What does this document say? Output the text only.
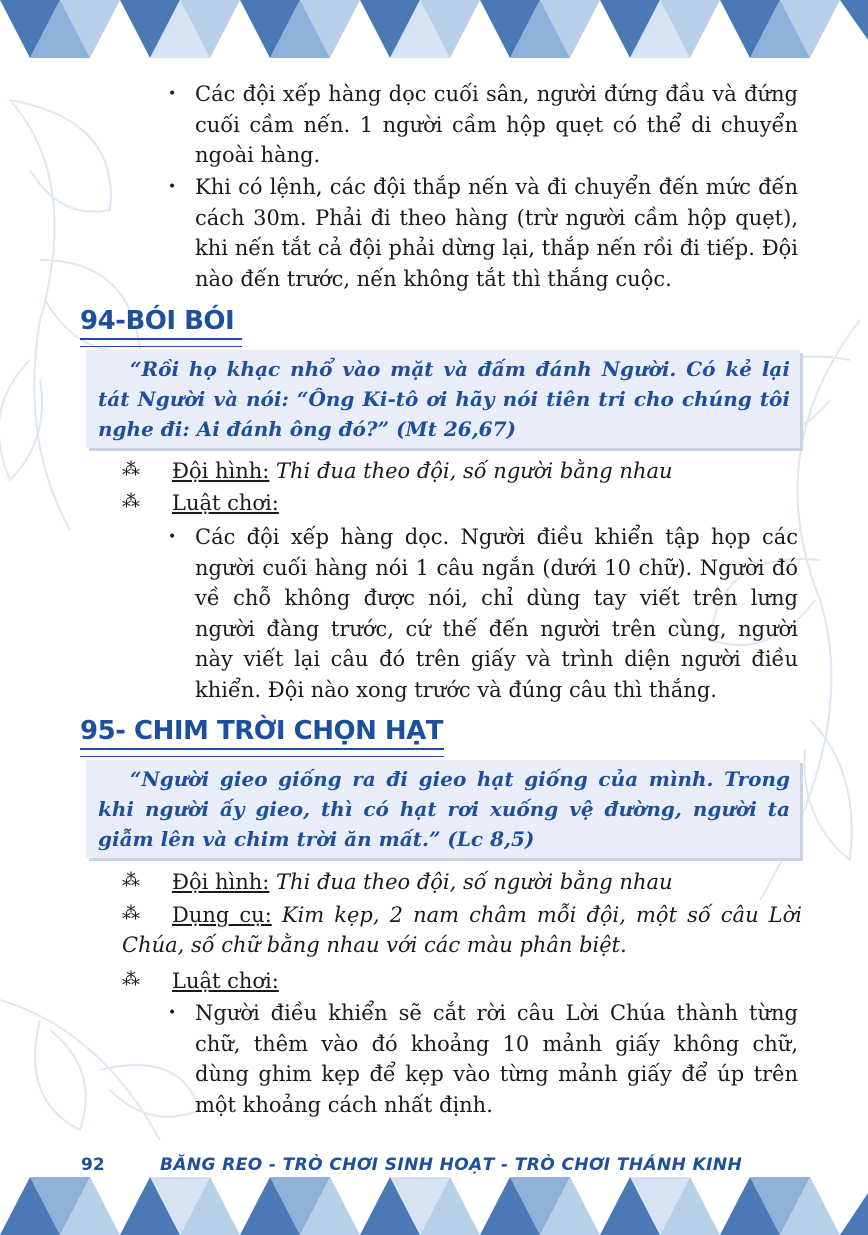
• Các đội xếp hàng dọc cuối sân, người đứng đầu và đứng cuối cầm nến. 1 người cầm hộp quẹt có thể di chuyển ngoài hàng.
• Khi có lệnh, các đội thắp nến và đi chuyển đến mức đến cách 30m. Phải đi theo hàng (trừ người cầm hộp quẹt), khi nến tắt cả đội phải dừng lại, thắp nến rồi đi tiếp. Đội nào đến trước, nến không tắt thì thắng cuộc.
94-BÓI BÓI
“Rồi họ khạc nhổ vào mặt và đấm đánh Người. Có kẻ lại tát Người và nói: “Ông Ki-tô ơi hãy nói tiên tri cho chúng tôi nghe đi: Ai đánh ông đó?” (Mt 26,67)
⁂	Đội hình: Thi đua theo đội, số người bằng nhau
⁂	Luật chơi:
• Các đội xếp hàng dọc. Người điều khiển tập họp các người cuối hàng nói 1 câu ngắn (dưới 10 chữ). Người đó về chỗ không được nói, chỉ dùng tay viết trên lưng người đàng trước, cứ thế đến người trên cùng, người này viết lại câu đó trên giấy và trình diện người điều khiển. Đội nào xong trước và đúng câu thì thắng.
95- CHIM TRỜI CHỌN HẠT
“Người gieo giống ra đi gieo hạt giống của mình. Trong khi người ấy gieo, thì có hạt rơi xuống vệ đường, người ta giẫm lên và chim trời ăn mất.” (Lc 8,5)
⁂	Đội hình: Thi đua theo đội, số người bằng nhau
⁂	Dụng cụ: Kim kẹp, 2 nam châm mỗi đội, một số câu Lời Chúa, số chữ bằng nhau với các màu phân biệt.
⁂	Luật chơi:
• Người điều khiển sẽ cắt rời câu Lời Chúa thành từng chữ, thêm vào đó khoảng 10 mảnh giấy không chữ, dùng ghim kẹp để kẹp vào từng mảnh giấy để úp trên một khoảng cách nhất định.
92	BĂNG REO - TRÒ CHƠI SINH HOẠT - TRÒ CHƠI THÁNH KINH
